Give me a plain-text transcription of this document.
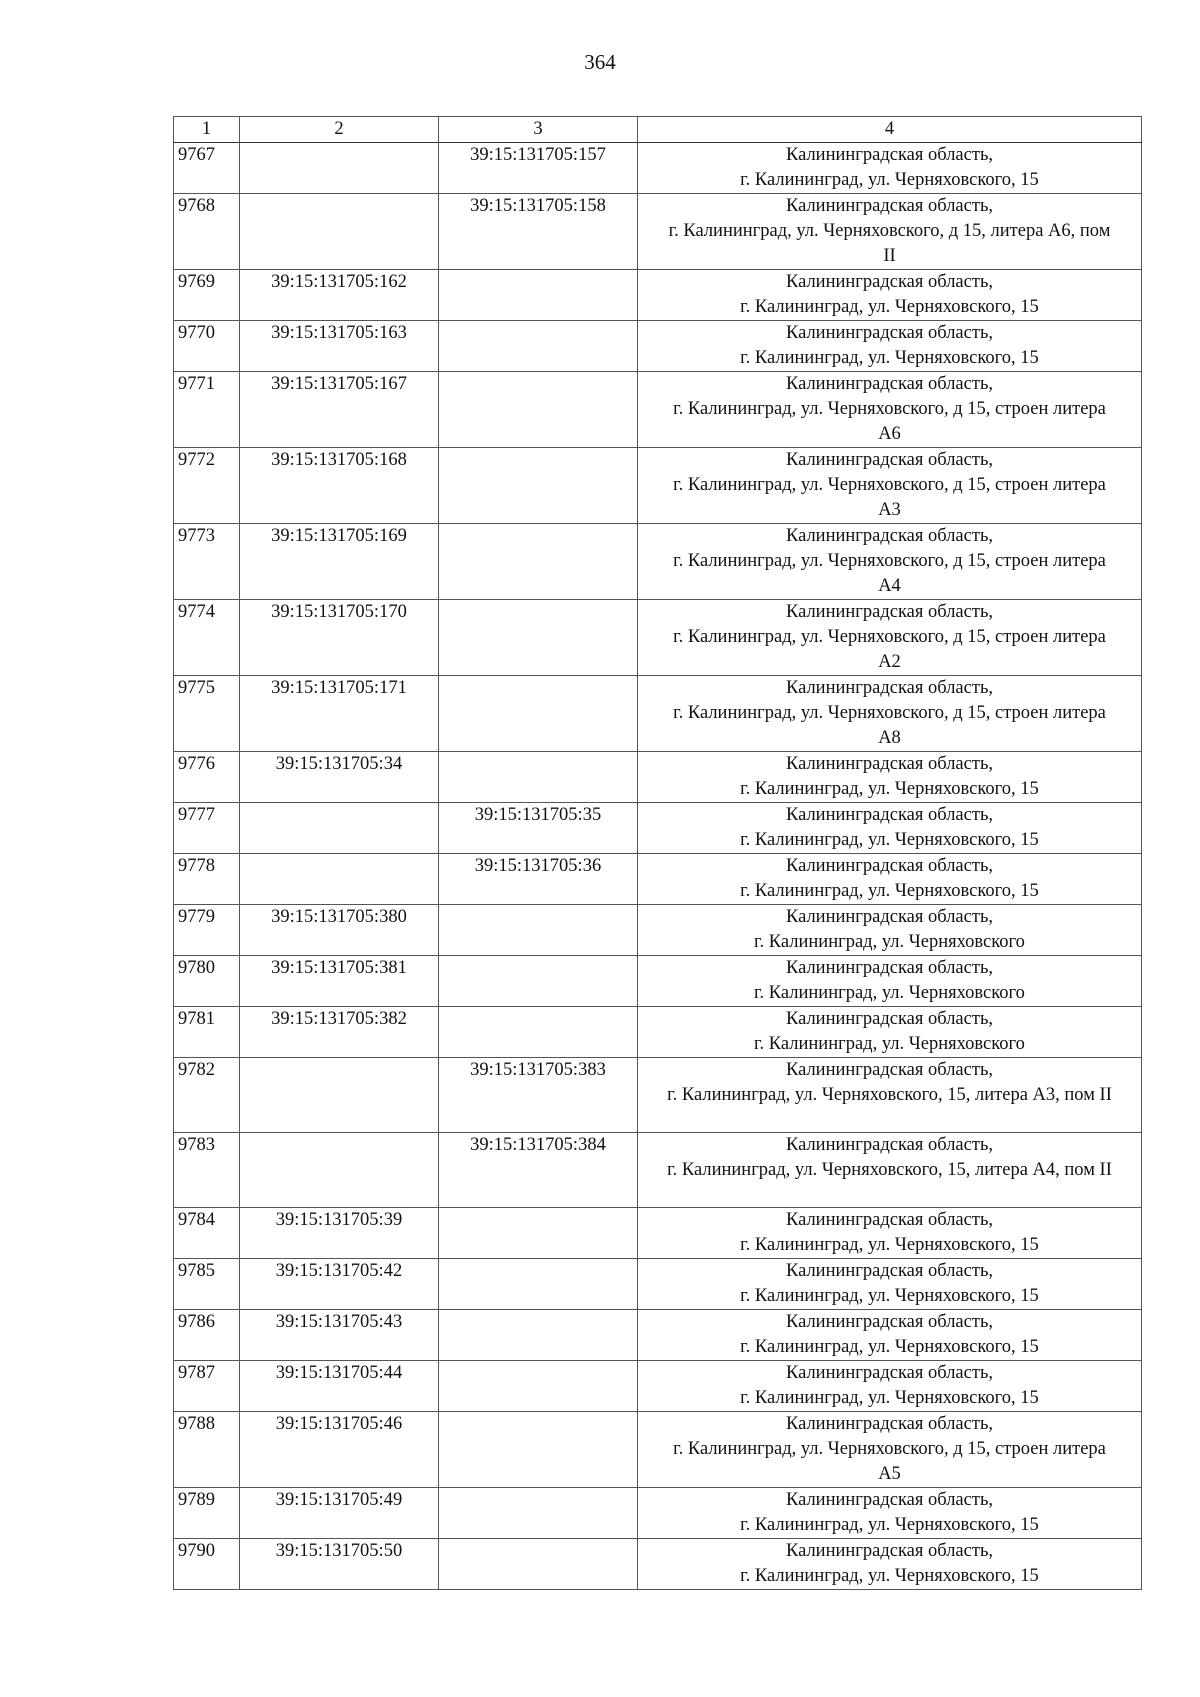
364
1	2	3	4
9767		39:15:131705:157	Калининградская область,
г. Калининград, ул. Черняховского, 15

9768		39:15:131705:158	Калининградская область,
г. Калининград, ул. Черняховского, д 15, литера А6, пом
II

9769	39:15:131705:162		Калининградская область,
г. Калининград, ул. Черняховского, 15

9770	39:15:131705:163		Калининградская область,
г. Калининград, ул. Черняховского, 15

9771	39:15:131705:167		Калининградская область,
г. Калининград, ул. Черняховского, д 15, строен литера
А6

9772	39:15:131705:168		Калининградская область,
г. Калининград, ул. Черняховского, д 15, строен литера
А3

9773	39:15:131705:169		Калининградская область,
г. Калининград, ул. Черняховского, д 15, строен литера
А4

9774	39:15:131705:170		Калининградская область,
г. Калининград, ул. Черняховского, д 15, строен литера
А2

9775	39:15:131705:171		Калининградская область,
г. Калининград, ул. Черняховского, д 15, строен литера
А8

9776	39:15:131705:34		Калининградская область,
г. Калининград, ул. Черняховского, 15

9777		39:15:131705:35	Калининградская область,
г. Калининград, ул. Черняховского, 15

9778		39:15:131705:36	Калининградская область,
г. Калининград, ул. Черняховского, 15

9779	39:15:131705:380		Калининградская область,
г. Калининград, ул. Черняховского

9780	39:15:131705:381		Калининградская область,
г. Калининград, ул. Черняховского

9781	39:15:131705:382		Калининградская область,
г. Калининград, ул. Черняховского

9782		39:15:131705:383	Калининградская область,
г. Калининград, ул. Черняховского, 15, литера А3, пом II

9783		39:15:131705:384	Калининградская область,
г. Калининград, ул. Черняховского, 15, литера А4, пом II

9784	39:15:131705:39		Калининградская область,
г. Калининград, ул. Черняховского, 15

9785	39:15:131705:42		Калининградская область,
г. Калининград, ул. Черняховского, 15

9786	39:15:131705:43		Калининградская область,
г. Калининград, ул. Черняховского, 15

9787	39:15:131705:44		Калининградская область,
г. Калининград, ул. Черняховского, 15

9788	39:15:131705:46		Калининградская область,
г. Калининград, ул. Черняховского, д 15, строен литера
А5

9789	39:15:131705:49		Калининградская область,
г. Калининград, ул. Черняховского, 15

9790	39:15:131705:50		Калининградская область,
г. Калининград, ул. Черняховского, 15
